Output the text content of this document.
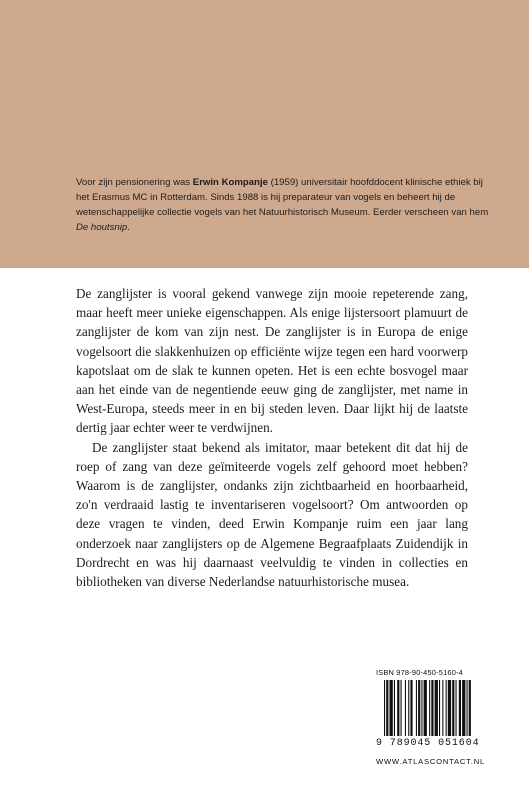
Voor zijn pensionering was Erwin Kompanje (1959) universitair hoofddocent klinische ethiek bij het Erasmus MC in Rotterdam. Sinds 1988 is hij preparateur van vogels en beheert hij de wetenschappelijke collectie vogels van het Natuurhistorisch Museum. Eerder verscheen van hem De houtsnip.

De zanglijster is vooral gekend vanwege zijn mooie repeterende zang, maar heeft meer unieke eigenschappen. Als enige lijstersoort plamuurt de zanglijster de kom van zijn nest. De zanglijster is in Europa de enige vogelsoort die slakkenhuizen op efficiënte wijze tegen een hard voorwerp kapotslaat om de slak te kunnen opeten. Het is een echte bosvogel maar aan het einde van de negentiende eeuw ging de zanglijster, met name in West-Europa, steeds meer in en bij steden leven. Daar lijkt hij de laatste dertig jaar echter weer te verdwijnen.

De zanglijster staat bekend als imitator, maar betekent dit dat hij de roep of zang van deze geïmiteerde vogels zelf gehoord moet hebben? Waarom is de zanglijster, ondanks zijn zichtbaarheid en hoorbaarheid, zo'n verdraaid lastig te inventariseren vogelsoort? Om antwoorden op deze vragen te vinden, deed Erwin Kompanje ruim een jaar lang onderzoek naar zanglijsters op de Algemene Begraafplaats Zuidendijk in Dordrecht en was hij daarnaast veelvuldig te vinden in collecties en bibliotheken van diverse Nederlandse natuurhistorische musea.

ISBN 978-90-450-5160-4
9 789045 051604
WWW.ATLASCONTACT.NL
